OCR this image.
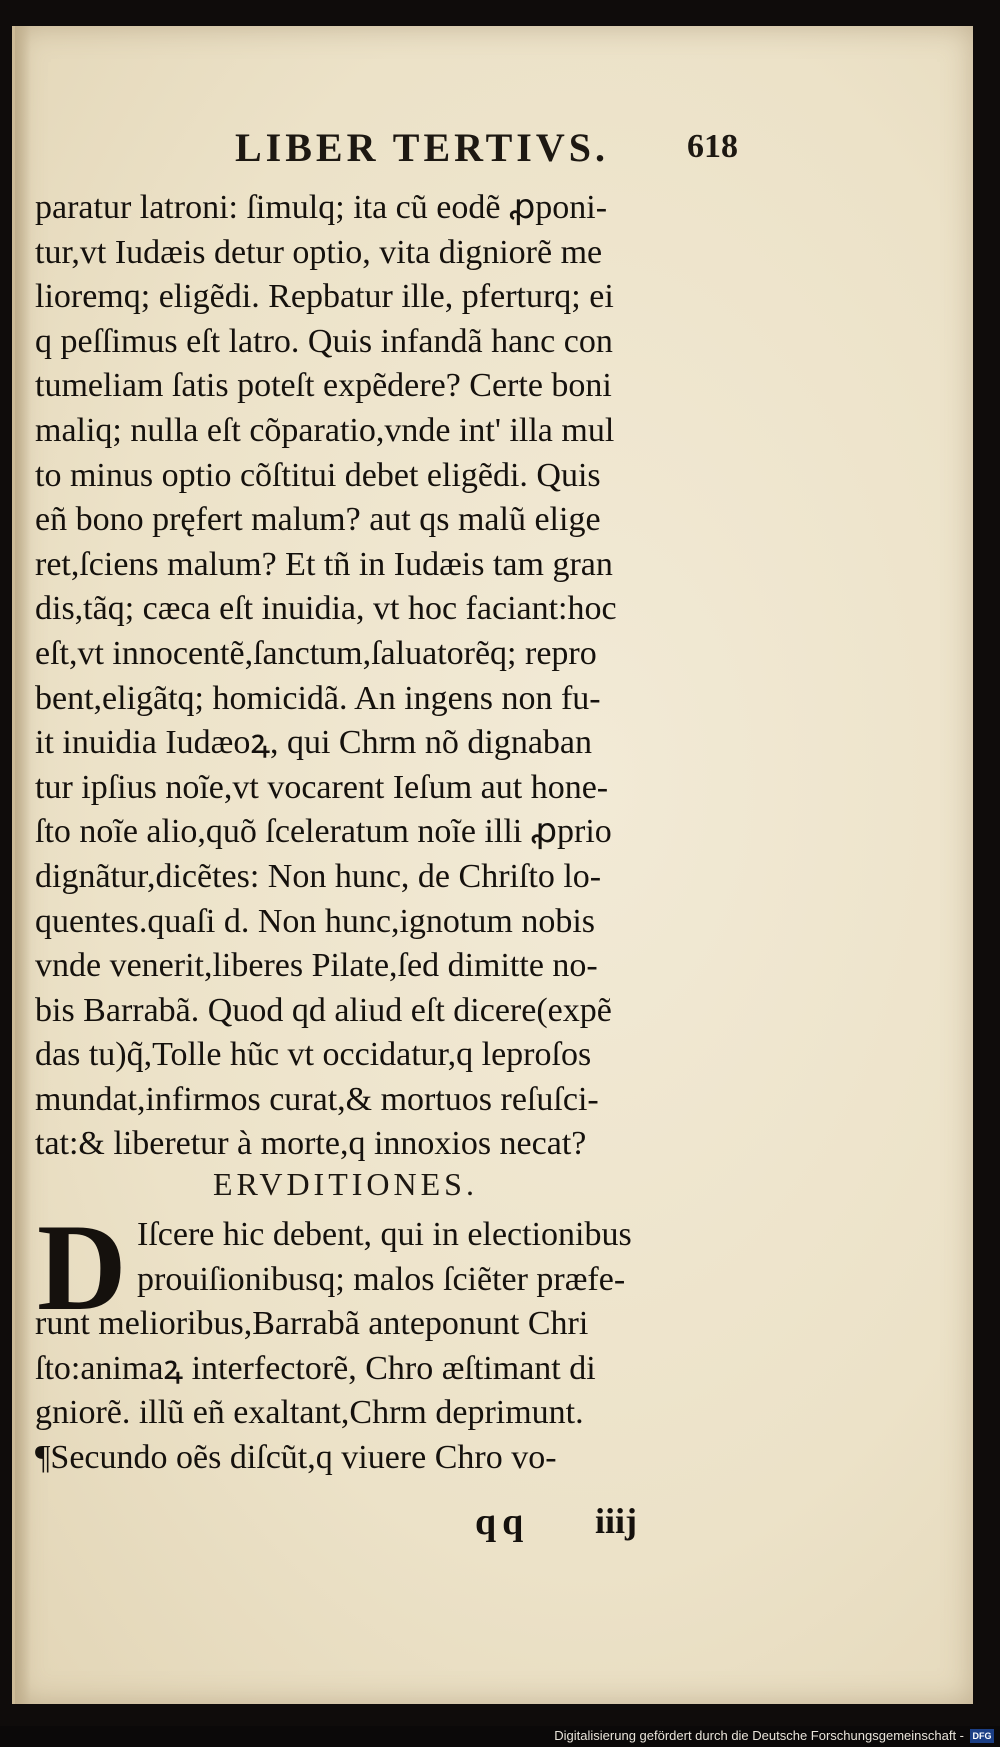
LIBER TERTIVS. 618
paratur latroni: ſimulq; ita cũ eodẽ ꝓponi-
tur,vt Iudæis detur optio, vita digniorẽ me
lioremq; eligẽdi. Repbatur ille, pferturq; ei
q peſſimus eſt latro. Quis infandã hanc con
tumeliam ſatis poteſt expẽdere? Certe boni
maliq; nulla eſt cõparatio,vnde int' illa mul
to minus optio cõſtitui debet eligẽdi. Quis
eñ bono pręfert malum? aut qs malũ elige
ret,ſciens malum? Et tñ in Iudæis tam gran
dis,tãq; cæca eſt inuidia, vt hoc faciant:hoc
eſt,vt innocentẽ,ſanctum,ſaluatorẽq; repro
bent,eligãtq; homicidã. An ingens non fu-
it inuidia Iudæoꝝ, qui Chrm nõ dignaban
tur ipſius noĩe,vt vocarent Ieſum aut hone-
ſto noĩe alio,quõ ſceleratum noĩe illi ꝓprio
dignãtur,dicẽtes: Non hunc, de Chriſto lo-
quentes.quaſi d. Non hunc,ignotum nobis
vnde venerit,liberes Pilate,ſed dimitte no-
bis Barrabã. Quod qd aliud eſt dicere(expẽ
das tu)q̃,Tolle hũc vt occidatur,q leproſos
mundat,infirmos curat,& mortuos reſuſci-
tat:& liberetur à morte,q innoxios necat?
ERVDITIONES.
D Iſcere hic debent, qui in electionibus
prouiſionibusq; malos ſciẽter præfe-
runt melioribus,Barrabã anteponunt Chri
ſto:animaꝝ interfectorẽ, Chro æſtimant di
gniorẽ. illũ eñ exaltant,Chrm deprimunt.
¶Secundo oẽs diſcũt,q viuere Chro vo-
qq iiij
Digitalisierung gefördert durch die Deutsche Forschungsgemeinschaft - DFG
